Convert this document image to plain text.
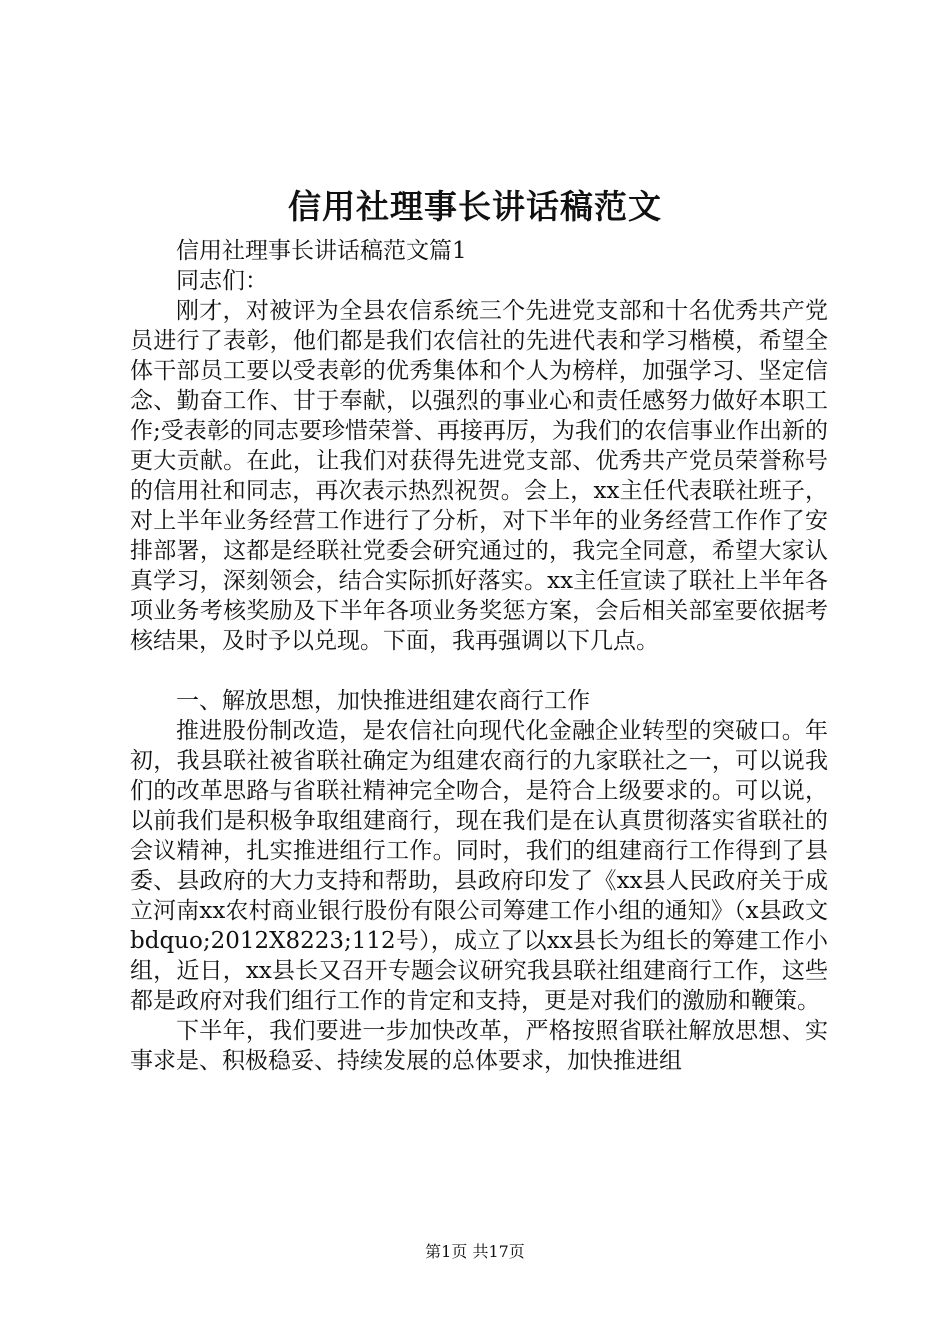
信用社理事长讲话稿范文

信用社理事长讲话稿范文篇1

同志们：

刚才，对被评为全县农信系统三个先进党支部和十名优秀共产党员进行了表彰，他们都是我们农信社的先进代表和学习楷模，希望全体干部员工要以受表彰的优秀集体和个人为榜样，加强学习、坚定信念、勤奋工作、甘于奉献，以强烈的事业心和责任感努力做好本职工作;受表彰的同志要珍惜荣誉、再接再厉，为我们的农信事业作出新的更大贡献。在此，让我们对获得先进党支部、优秀共产党员荣誉称号的信用社和同志，再次表示热烈祝贺。会上，xx主任代表联社班子，对上半年业务经营工作进行了分析，对下半年的业务经营工作作了安排部署，这都是经联社党委会研究通过的，我完全同意，希望大家认真学习，深刻领会，结合实际抓好落实。xx主任宣读了联社上半年各项业务考核奖励及下半年各项业务奖惩方案，会后相关部室要依据考核结果，及时予以兑现。下面，我再强调以下几点。

一、解放思想，加快推进组建农商行工作

推进股份制改造，是农信社向现代化金融企业转型的突破口。年初，我县联社被省联社确定为组建农商行的九家联社之一，可以说我们的改革思路与省联社精神完全吻合，是符合上级要求的。可以说，以前我们是积极争取组建商行，现在我们是在认真贯彻落实省联社的会议精神，扎实推进组行工作。同时，我们的组建商行工作得到了县委、县政府的大力支持和帮助，县政府印发了《xx县人民政府关于成立河南xx农村商业银行股份有限公司筹建工作小组的通知》（x县政文bdquo;2012X8223;112号），成立了以xx县长为组长的筹建工作小组，近日，xx县长又召开专题会议研究我县联社组建商行工作，这些都是政府对我们组行工作的肯定和支持，更是对我们的激励和鞭策。

下半年，我们要进一步加快改革，严格按照省联社解放思想、实事求是、积极稳妥、持续发展的总体要求，加快推进组

第1页 共17页
